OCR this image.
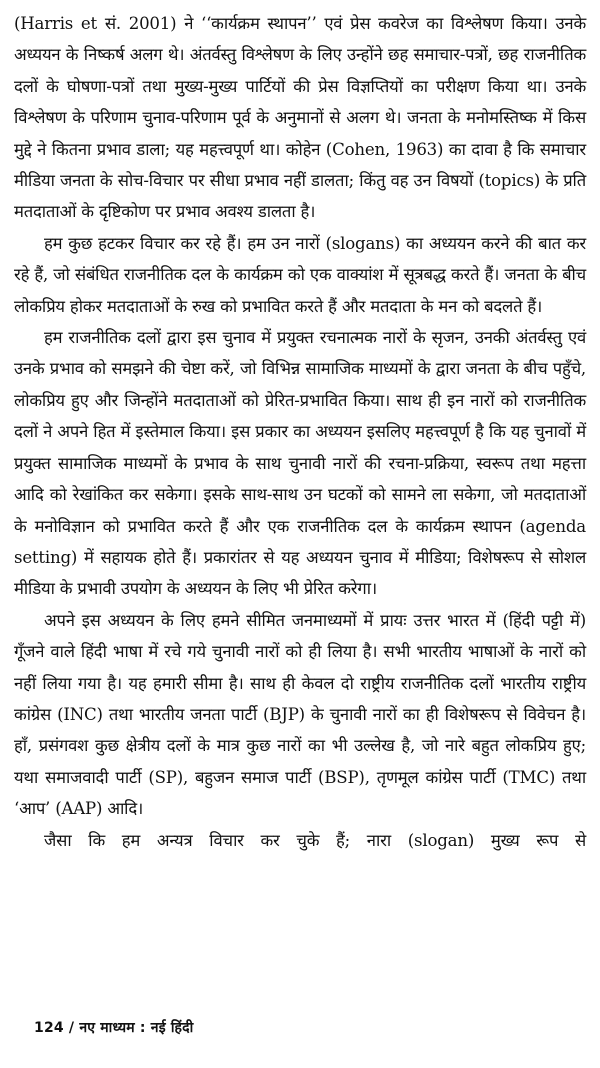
(Harris et सं. 2001) ने ‘‘कार्यक्रम स्थापन’’ एवं प्रेस कवरेज का विश्लेषण किया। उनके अध्ययन के निष्कर्ष अलग थे। अंतर्वस्तु विश्लेषण के लिए उन्होंने छह समाचार-पत्रों, छह राजनीतिक दलों के घोषणा-पत्रों तथा मुख्य-मुख्य पार्टियों की प्रेस विज्ञप्तियों का परीक्षण किया था। उनके विश्लेषण के परिणाम चुनाव-परिणाम पूर्व के अनुमानों से अलग थे। जनता के मनोमस्तिष्क में किस मुद्दे ने कितना प्रभाव डाला; यह महत्त्वपूर्ण था। कोहेन (Cohen, 1963) का दावा है कि समाचार मीडिया जनता के सोच-विचार पर सीधा प्रभाव नहीं डालता; किंतु वह उन विषयों (topics) के प्रति मतदाताओं के दृष्टिकोण पर प्रभाव अवश्य डालता है।

हम कुछ हटकर विचार कर रहे हैं। हम उन नारों (slogans) का अध्ययन करने की बात कर रहे हैं, जो संबंधित राजनीतिक दल के कार्यक्रम को एक वाक्यांश में सूत्रबद्ध करते हैं। जनता के बीच लोकप्रिय होकर मतदाताओं के रुख को प्रभावित करते हैं और मतदाता के मन को बदलते हैं।

हम राजनीतिक दलों द्वारा इस चुनाव में प्रयुक्त रचनात्मक नारों के सृजन, उनकी अंतर्वस्तु एवं उनके प्रभाव को समझने की चेष्टा करें, जो विभिन्न सामाजिक माध्यमों के द्वारा जनता के बीच पहुँचे, लोकप्रिय हुए और जिन्होंने मतदाताओं को प्रेरित-प्रभावित किया। साथ ही इन नारों को राजनीतिक दलों ने अपने हित में इस्तेमाल किया। इस प्रकार का अध्ययन इसलिए महत्त्वपूर्ण है कि यह चुनावों में प्रयुक्त सामाजिक माध्यमों के प्रभाव के साथ चुनावी नारों की रचना-प्रक्रिया, स्वरूप तथा महत्ता आदि को रेखांकित कर सकेगा। इसके साथ-साथ उन घटकों को सामने ला सकेगा, जो मतदाताओं के मनोविज्ञान को प्रभावित करते हैं और एक राजनीतिक दल के कार्यक्रम स्थापन (agenda setting) में सहायक होते हैं। प्रकारांतर से यह अध्ययन चुनाव में मीडिया; विशेषरूप से सोशल मीडिया के प्रभावी उपयोग के अध्ययन के लिए भी प्रेरित करेगा।

अपने इस अध्ययन के लिए हमने सीमित जनमाध्यमों में प्रायः उत्तर भारत में (हिंदी पट्टी में) गूँजने वाले हिंदी भाषा में रचे गये चुनावी नारों को ही लिया है। सभी भारतीय भाषाओं के नारों को नहीं लिया गया है। यह हमारी सीमा है। साथ ही केवल दो राष्ट्रीय राजनीतिक दलों भारतीय राष्ट्रीय कांग्रेस (INC) तथा भारतीय जनता पार्टी (BJP) के चुनावी नारों का ही विशेषरूप से विवेचन है। हाँ, प्रसंगवश कुछ क्षेत्रीय दलों के मात्र कुछ नारों का भी उल्लेख है, जो नारे बहुत लोकप्रिय हुए; यथा समाजवादी पार्टी (SP), बहुजन समाज पार्टी (BSP), तृणमूल कांग्रेस पार्टी (TMC) तथा ‘आप’ (AAP) आदि।

जैसा कि हम अन्यत्र विचार कर चुके हैं; नारा (slogan) मुख्य रूप से

124 / नए माध्यम : नई हिंदी
